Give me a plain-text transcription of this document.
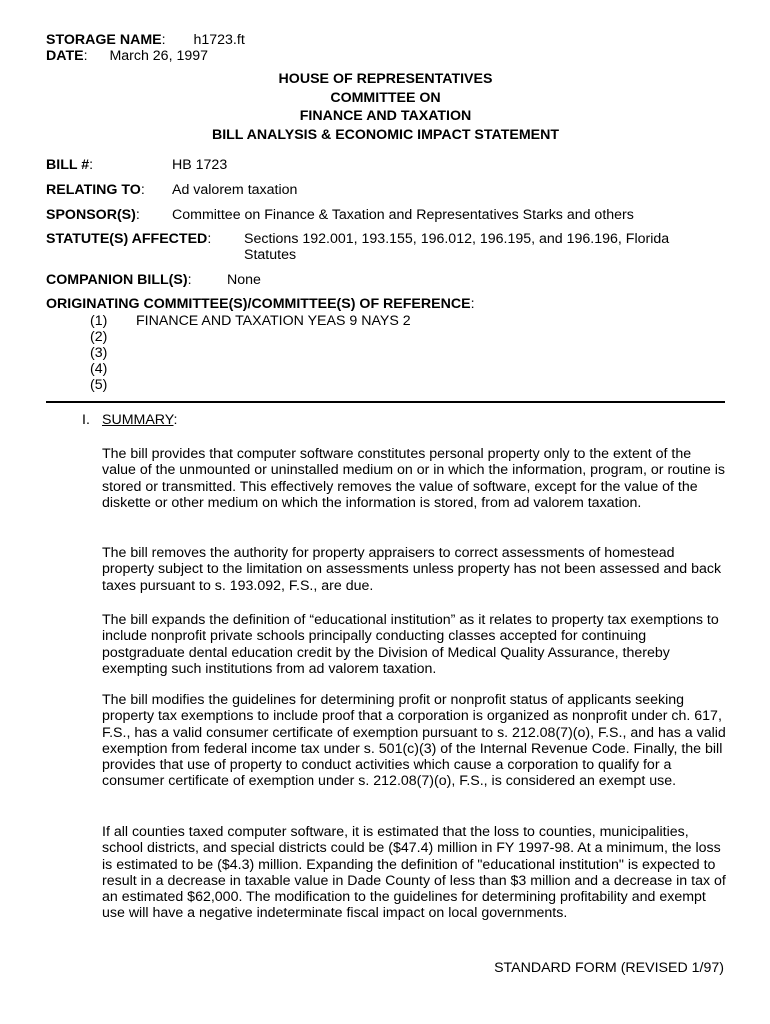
STORAGE NAME: h1723.ft
DATE: March 26, 1997
HOUSE OF REPRESENTATIVES
COMMITTEE ON
FINANCE AND TAXATION
BILL ANALYSIS & ECONOMIC IMPACT STATEMENT
BILL #:	HB 1723
RELATING TO: Ad valorem taxation
SPONSOR(S): Committee on Finance & Taxation and Representatives Starks and others
STATUTE(S) AFFECTED: Sections 192.001, 193.155, 196.012, 196.195, and 196.196, Florida
Statutes
COMPANION BILL(S): None
ORIGINATING COMMITTEE(S)/COMMITTEE(S) OF REFERENCE:
(1) FINANCE AND TAXATION YEAS 9 NAYS 2
(2)
(3)
(4)
(5)
I. SUMMARY:

The bill provides that computer software constitutes personal property only to the extent of the value of the unmounted or uninstalled medium on or in which the information, program, or routine is stored or transmitted. This effectively removes the value of software, except for the value of the diskette or other medium on which the information is stored, from ad valorem taxation.

The bill removes the authority for property appraisers to correct assessments of homestead property subject to the limitation on assessments unless property has not been assessed and back taxes pursuant to s. 193.092, F.S., are due.

The bill expands the definition of “educational institution” as it relates to property tax exemptions to include nonprofit private schools principally conducting classes accepted for continuing postgraduate dental education credit by the Division of Medical Quality Assurance, thereby exempting such institutions from ad valorem taxation.

The bill modifies the guidelines for determining profit or nonprofit status of applicants seeking property tax exemptions to include proof that a corporation is organized as nonprofit under ch. 617, F.S., has a valid consumer certificate of exemption pursuant to s. 212.08(7)(o), F.S., and has a valid exemption from federal income tax under s. 501(c)(3) of the Internal Revenue Code. Finally, the bill provides that use of property to conduct activities which cause a corporation to qualify for a consumer certificate of exemption under s. 212.08(7)(o), F.S., is considered an exempt use.

If all counties taxed computer software, it is estimated that the loss to counties, municipalities, school districts, and special districts could be ($47.4) million in FY 1997-98. At a minimum, the loss is estimated to be ($4.3) million. Expanding the definition of "educational institution" is expected to result in a decrease in taxable value in Dade County of less than $3 million and a decrease in tax of an estimated $62,000. The modification to the guidelines for determining profitability and exempt use will have a negative indeterminate fiscal impact on local governments.

STANDARD FORM (REVISED 1/97)
